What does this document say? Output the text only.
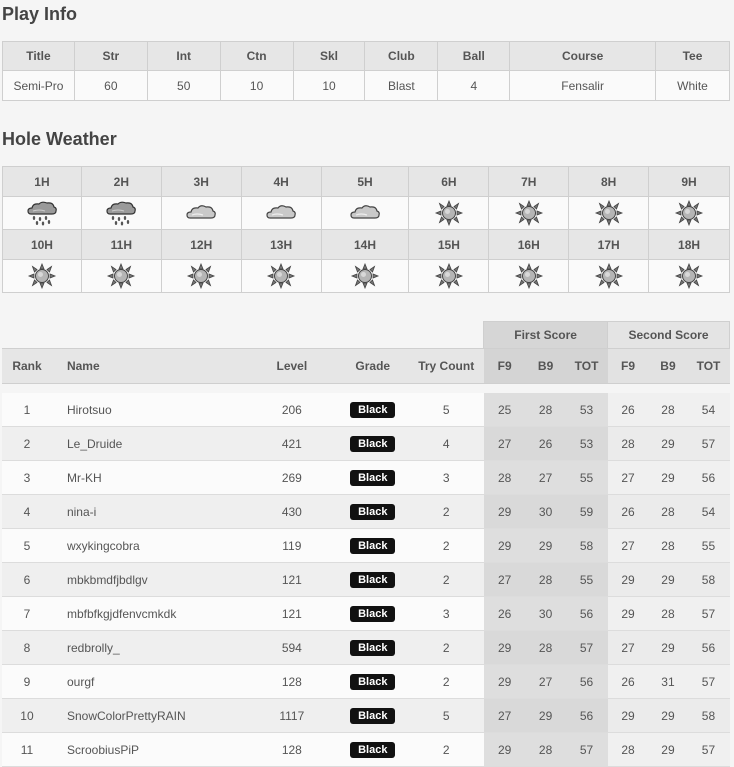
Play Info
Title	Str	Int	Ctn	Skl	Club	Ball	Course	Tee
Semi-Pro	60	50	10	10	Blast	4	Fensalir	White
Hole Weather
1H	2H	3H	4H	5H	6H	7H	8H	9H

10H	11H	12H	13H	14H	15H	16H	17H	18H

					First Score			Second Score		
Rank	Name	Level	Grade	Try Count	F9	B9	TOT	F9	B9	TOT

1	Hirotsuo	206	Black	5	25	28	53	26	28	54
2	Le_Druide	421	Black	4	27	26	53	28	29	57
3	Mr-KH	269	Black	3	28	27	55	27	29	56
4	nina-i	430	Black	2	29	30	59	26	28	54
5	wxykingcobra	119	Black	2	29	29	58	27	28	55
6	mbkbmdfjbdlgv	121	Black	2	27	28	55	29	29	58
7	mbfbfkgjdfenvcmkdk	121	Black	3	26	30	56	29	28	57
8	redbrolly_	594	Black	2	29	28	57	27	29	56
9	ourgf	128	Black	2	29	27	56	26	31	57
10	SnowColorPrettyRAIN	1117	Black	5	27	29	56	29	29	58
11	ScroobiusPiP	128	Black	2	29	28	57	28	29	57
